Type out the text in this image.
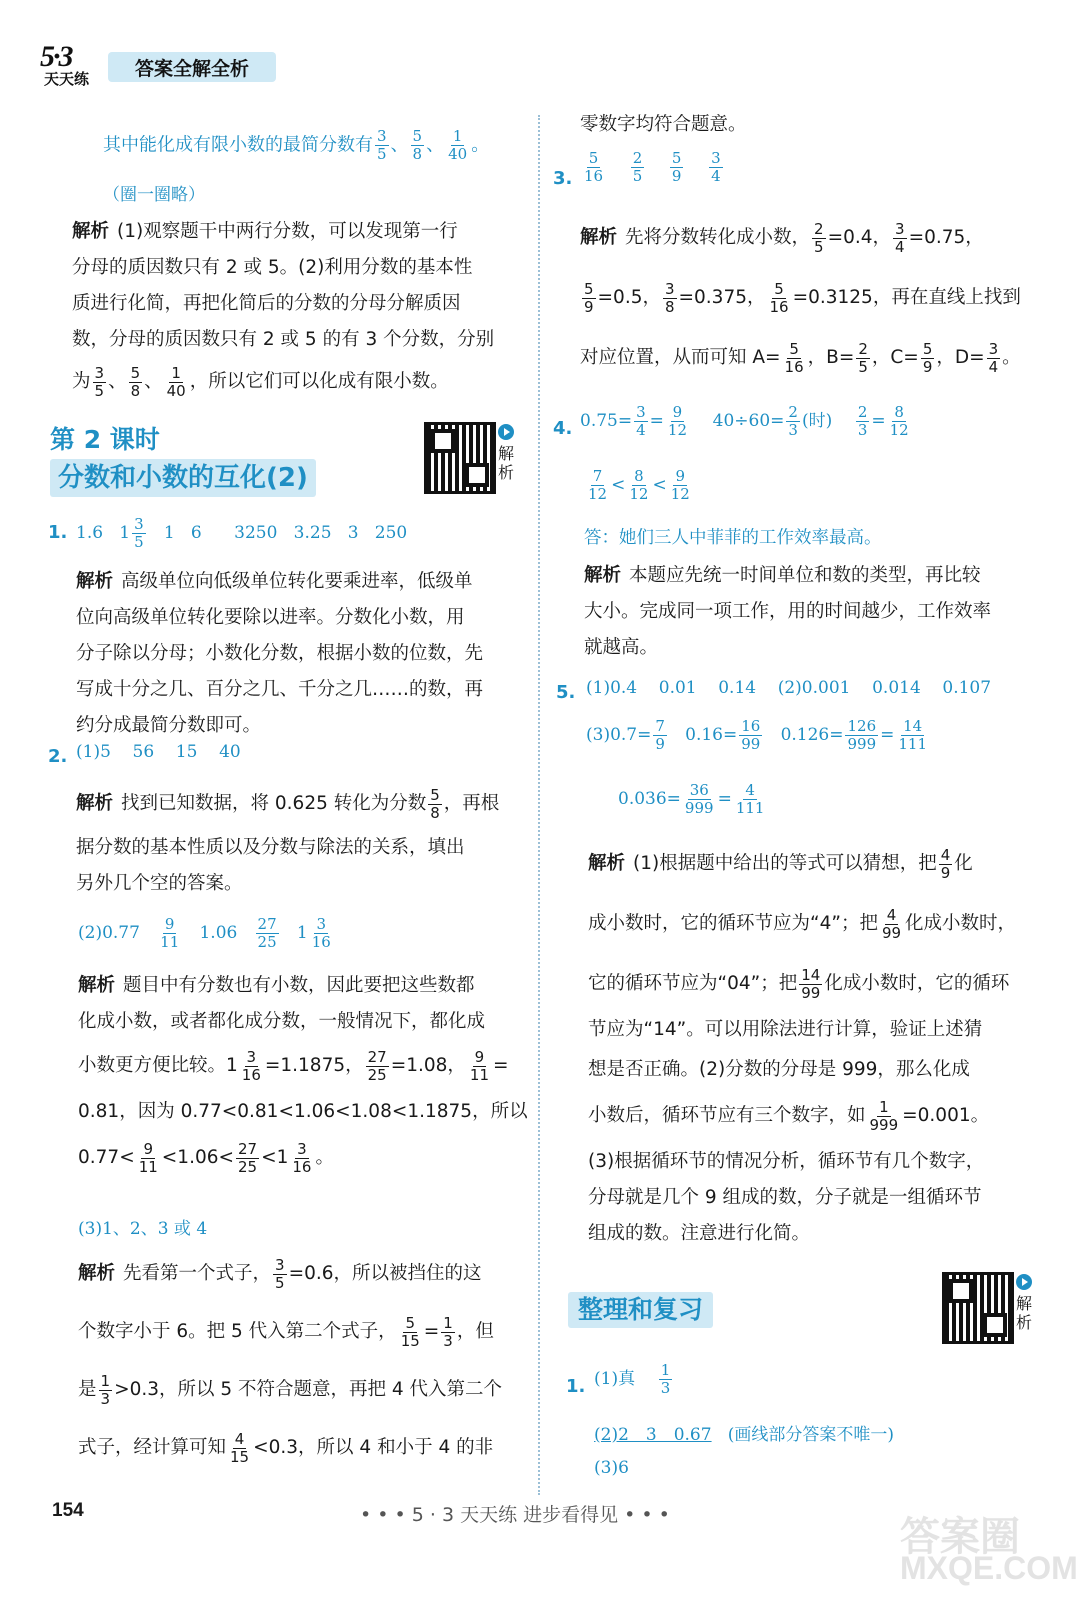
5·3
天天练	答案全解全析
其中能化成有限小数的最简分数有 $\frac{3}{5}$ 、 $\frac{5}{8}$ 、 $\frac{1}{40}$ 。
（圈一圈略）
解析 (1)观察题干中两行分数，可以发现第一行
分母的质因数只有 2 或 5。(2)利用分数的基本性
质进行化简，再把化简后的分数的分母分解质因
数，分母的质因数只有 2 或 5 的有 3 个分数，分别
为 $\frac{3}{5}$ 、 $\frac{5}{8}$ 、 $\frac{1}{40}$ ，所以它们可以化成有限小数。
第 2 课时
分数和小数的互化(2)
解析
1. 1.6 $1 \frac{3}{5} 1$ 6 3250 3.25 3 250
解析 高级单位向低级单位转化要乘进率，低级单
位向高级单位转化要除以进率。分数化小数，用
分子除以分母；小数化分数，根据小数的位数，先
写成十分之几、百分之几、千分之几……的数，再
约分成最简分数即可。
2. (1)5 56 15 40
解析 找到已知数据，将 0.625 转化为分数 $\frac{5}{8}$ ，再根
据分数的基本性质以及分数与除法的关系，填出
另外几个空的答案。
$(2)0.77 \frac{9}{11} 1.06 \frac{27}{25} 1 \frac{3}{16}$
解析 题目中有分数也有小数，因此要把这些数都
化成小数，或者都化成分数，一般情况下，都化成
小数更方便比较。$1 \frac{3}{16} =1.1875$， $\frac{27}{25} =1.08$， $\frac{9}{11}$ =
0.81，因为 0.77<0.81<1.06<1.08<1.1875，所以
$0.77< \frac{9}{11} <1.06< \frac{27}{25} <1 \frac{3}{16}$ 。
(3)1、2、3 或 4
解析 先看第一个式子， $\frac{3}{5} =0.6$，所以被挡住的这
个数字小于 6。把 5 代入第二个式子， $\frac{5}{15} = \frac{1}{3}$ ，但
是 $\frac{1}{3} >0.3$，所以 5 不符合题意，再把 4 代入第二个
式子，经计算可知 $\frac{4}{15} <0.3$，所以 4 和小于 4 的非
零数字均符合题意。
3. $\frac{5}{16}$
$\frac{2}{5}$
$\frac{5}{9}$
$\frac{3}{4}$
解析 先将分数转化成小数， $\frac{2}{5} =0.4$， $\frac{3}{4} =0.75$，
$\frac{5}{9} =0.5$， $\frac{3}{8} =0.375$， $\frac{5}{16} =0.3125$，再在直线上找到
对应位置，从而可知 $A= \frac{5}{16}$ ，$B= \frac{2}{5}$ ，$C= \frac{5}{9}$ ，$D= \frac{3}{4}$ 。
4. $0.75= \frac{3}{4} = \frac{9}{12} 40\div 60= \frac{2}{3}$ (时) $\frac{2}{3} = \frac{8}{12}$
$\frac{7}{12} < \frac{8}{12} < \frac{9}{12}$
答：她们三人中菲菲的工作效率最高。
解析 本题应先统一时间单位和数的类型，再比较
大小。完成同一项工作，用的时间越少，工作效率
就越高。
5. (1)0.4 0.01 0.14 (2)0.001 0.014 0.107
$(3)0.7= \frac{7}{9} 0.16= \frac{16}{99} 0.126= \frac{126}{999} = \frac{14}{111}$
$0.036= \frac{36}{999} = \frac{4}{111}$
解析 (1)根据题中给出的等式可以猜想，把 $\frac{4}{9}$ 化
成小数时，它的循环节应为“4”；把 $\frac{4}{99}$ 化成小数时，
它的循环节应为“04”；把 $\frac{14}{99}$ 化成小数时，它的循环
节应为“14”。可以用除法进行计算，验证上述猜
想是否正确。(2)分数的分母是 999，那么化成
小数后，循环节应有三个数字，如 $\frac{1}{999} =0.001$。
(3)根据循环节的情况分析，循环节有几个数字，
分母就是几个 9 组成的数，分子就是一组循环节
组成的数。注意进行化简。
整理和复习	解析
1. (1)真 $\frac{1}{3}$
(2)2　3　0.67 (画线部分答案不唯一)
(3)6
154	• • • 5 · 3 天天练 进步看得见 • • •	答案圈
MXQE.COM
